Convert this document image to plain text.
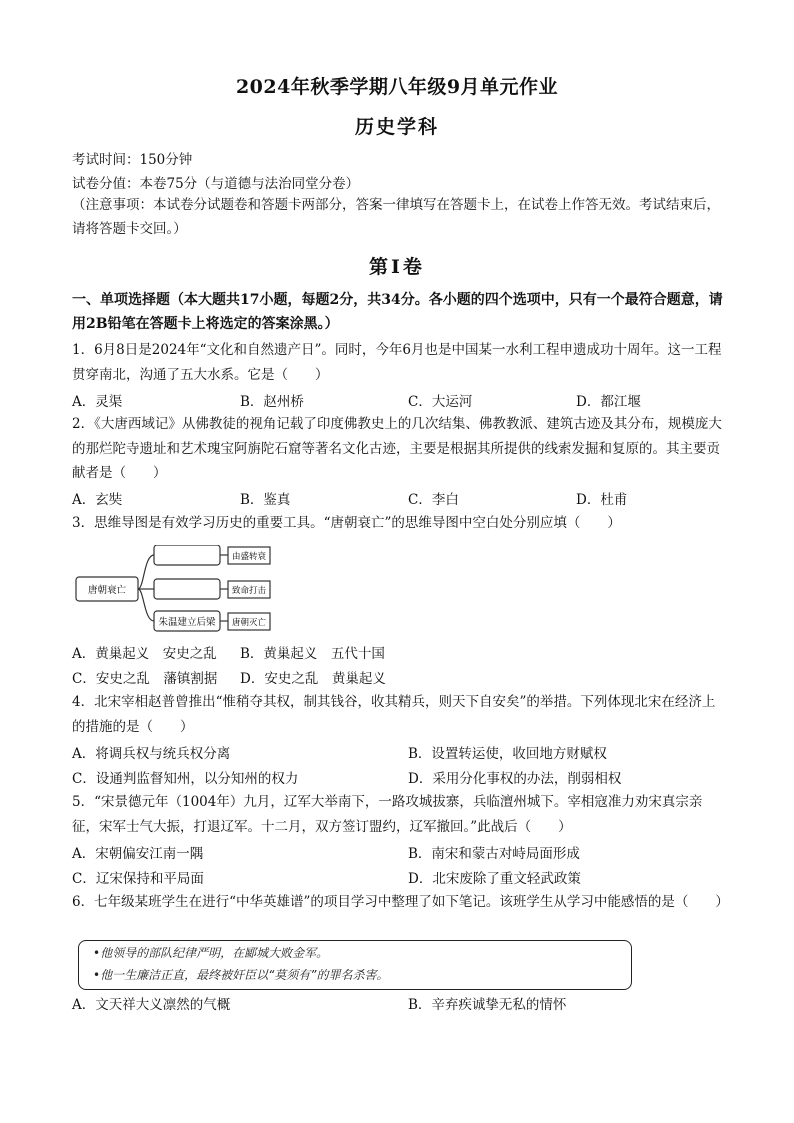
2024年秋季学期八年级9月单元作业
历史学科
考试时间：150分钟
试卷分值：本卷75分（与道德与法治同堂分卷）
（注意事项：本试卷分试题卷和答题卡两部分，答案一律填写在答题卡上，在试卷上作答无效。考试结束后，请将答题卡交回。）
第Ⅰ卷
一、单项选择题（本大题共17小题，每题2分，共34分。各小题的四个选项中，只有一个最符合题意，请用2B铅笔在答题卡上将选定的答案涂黑。）
1．6月8日是2024年“文化和自然遗产日”。同时，今年6月也是中国某一水利工程申遗成功十周年。这一工程贯穿南北，沟通了五大水系。它是（　　）
A．灵渠	B．赵州桥	C．大运河	D．都江堰
2．《大唐西域记》从佛教徒的视角记载了印度佛教史上的几次结集、佛教教派、建筑古迹及其分布，规模庞大的那烂陀寺遗址和艺术瑰宝阿旃陀石窟等著名文化古迹，主要是根据其所提供的线索发掘和复原的。其主要贡献者是（　　）
A．玄奘	B．鉴真	C．李白	D．杜甫
3．思维导图是有效学习历史的重要工具。“唐朝衰亡”的思维导图中空白处分别应填（　　）
唐朝衰亡
朱温建立后梁
由盛转衰
致命打击
唐朝灭亡
A．黄巢起义　安史之乱 B．黄巢起义　五代十国
C．安史之乱　藩镇割据 D．安史之乱　黄巢起义
4．北宋宰相赵普曾推出“惟稍夺其权，制其钱谷，收其精兵，则天下自安矣”的举措。下列体现北宋在经济上的措施的是（　　）
A．将调兵权与统兵权分离	B．设置转运使，收回地方财赋权
C．设通判监督知州，以分知州的权力	D．采用分化事权的办法，削弱相权
5．“宋景德元年（1004年）九月，辽军大举南下，一路攻城拔寨，兵临澶州城下。宰相寇准力劝宋真宗亲征，宋军士气大振，打退辽军。十二月，双方签订盟约，辽军撤回。”此战后（　　）
A．宋朝偏安江南一隅	B．南宋和蒙古对峙局面形成
C．辽宋保持和平局面	D．北宋废除了重文轻武政策
6．七年级某班学生在进行“中华英雄谱”的项目学习中整理了如下笔记。该班学生从学习中能感悟的是（　　）
•他领导的部队纪律严明，在郾城大败金军。
•他一生廉洁正直，最终被奸臣以“莫须有”的罪名杀害。
A．文天祥大义凛然的气概	B．辛弃疾诚挚无私的情怀
